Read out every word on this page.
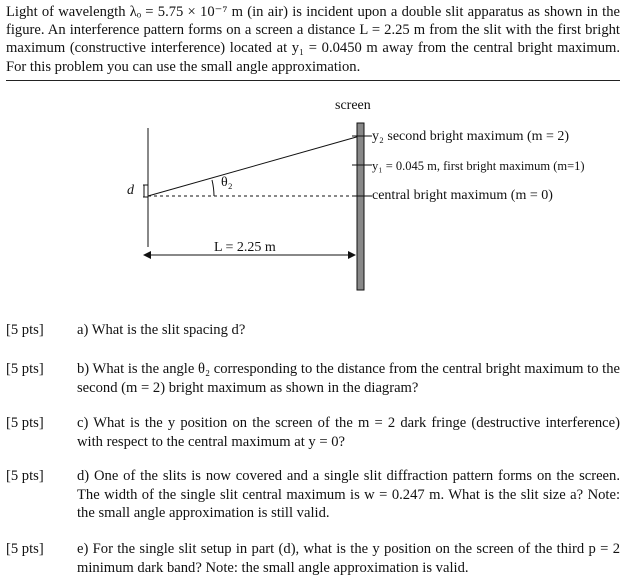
Light of wavelength λₒ = 5.75 × 10⁻⁷ m (in air) is incident upon a double slit apparatus as shown in the figure. An interference pattern forms on a screen a distance L = 2.25 m from the slit with the first bright maximum (constructive interference) located at y₁ = 0.0450 m away from the central bright maximum. For this problem you can use the small angle approximation.
screen
y₂ second bright maximum (m = 2)
y₁ = 0.045 m, first bright maximum (m=1)
central bright maximum (m = 0)
θ₂
d
L = 2.25 m
[5 pts] a) What is the slit spacing d?
[5 pts] b) What is the angle θ₂ corresponding to the distance from the central bright maximum to the second (m = 2) bright maximum as shown in the diagram?
[5 pts] c) What is the y position on the screen of the m = 2 dark fringe (destructive interference) with respect to the central maximum at y = 0?
[5 pts] d) One of the slits is now covered and a single slit diffraction pattern forms on the screen. The width of the single slit central maximum is w = 0.247 m. What is the slit size a? Note: the small angle approximation is still valid.
[5 pts] e) For the single slit setup in part (d), what is the y position on the screen of the third p = 2 minimum dark band? Note: the small angle approximation is valid.
